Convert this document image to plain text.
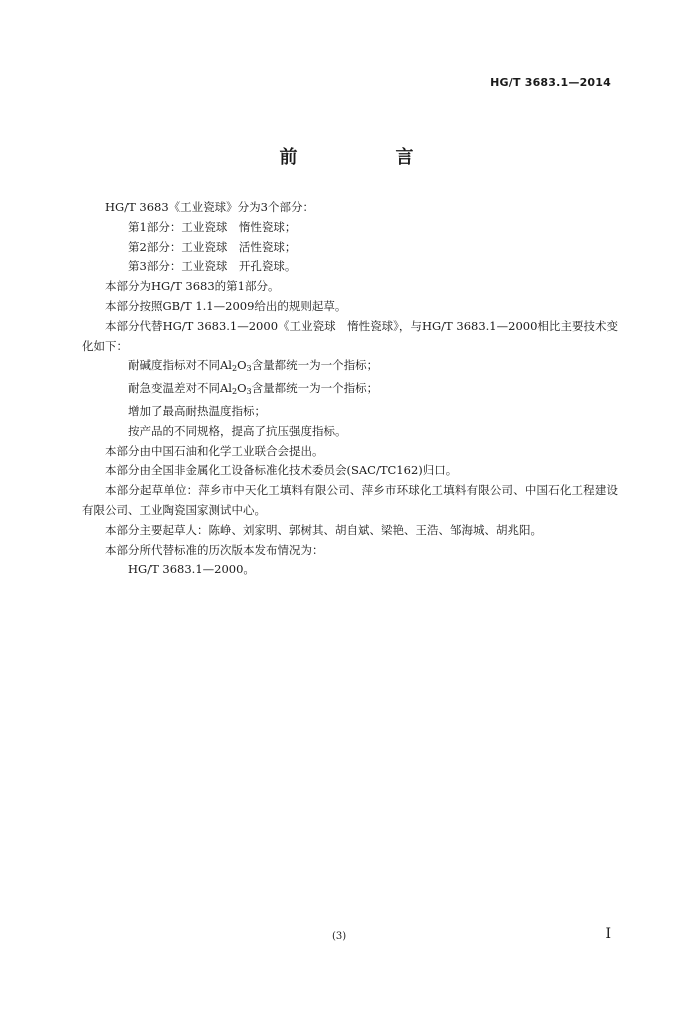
HG/T 3683.1—2014
前　言
HG/T 3683《工业瓷球》分为3个部分：
第1部分：工业瓷球　惰性瓷球；
第2部分：工业瓷球　活性瓷球；
第3部分：工业瓷球　开孔瓷球。
本部分为HG/T 3683的第1部分。
本部分按照GB/T 1.1—2009给出的规则起草。
本部分代替HG/T 3683.1—2000《工业瓷球　惰性瓷球》，与HG/T 3683.1—2000相比主要技术变化如下：
耐碱度指标对不同$Al_2O_3$含量都统一为一个指标；
耐急变温差对不同$Al_2O_3$含量都统一为一个指标；
增加了最高耐热温度指标；
按产品的不同规格，提高了抗压强度指标。
本部分由中国石油和化学工业联合会提出。
本部分由全国非金属化工设备标准化技术委员会(SAC/TC162)归口。
本部分起草单位：萍乡市中天化工填料有限公司、萍乡市环球化工填料有限公司、中国石化工程建设有限公司、工业陶瓷国家测试中心。
本部分主要起草人：陈峥、刘家明、郭树其、胡自斌、梁艳、王浩、邹海城、胡兆阳。
本部分所代替标准的历次版本发布情况为：
HG/T 3683.1—2000。
(3)	I
